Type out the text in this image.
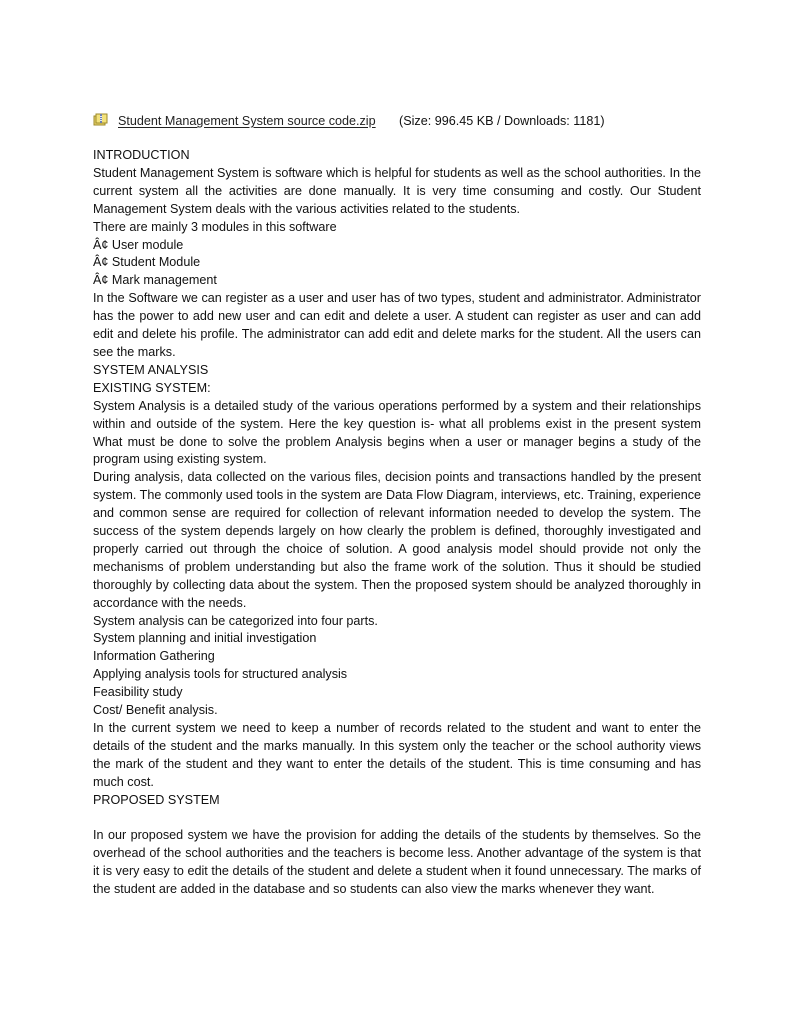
Student Management System source code.zip (Size: 996.45 KB / Downloads: 1181)

INTRODUCTION

Student Management System is software which is helpful for students as well as the school authorities. In the current system all the activities are done manually. It is very time consuming and costly. Our Student Management System deals with the various activities related to the students.

There are mainly 3 modules in this software

Â¢ User module

Â¢ Student Module

Â¢ Mark management

In the Software we can register as a user and user has of two types, student and administrator. Administrator has the power to add new user and can edit and delete a user. A student can register as user and can add edit and delete his profile. The administrator can add edit and delete marks for the student. All the users can see the marks.

SYSTEM ANALYSIS

EXISTING SYSTEM:

System Analysis is a detailed study of the various operations performed by a system and their relationships within and outside of the system. Here the key question is- what all problems exist in the present system What must be done to solve the problem Analysis begins when a user or manager begins a study of the program using existing system.

During analysis, data collected on the various files, decision points and transactions handled by the present system. The commonly used tools in the system are Data Flow Diagram, interviews, etc. Training, experience and common sense are required for collection of relevant information needed to develop the system. The success of the system depends largely on how clearly the problem is defined, thoroughly investigated and properly carried out through the choice of solution. A good analysis model should provide not only the mechanisms of problem understanding but also the frame work of the solution. Thus it should be studied thoroughly by collecting data about the system. Then the proposed system should be analyzed thoroughly in accordance with the needs.

System analysis can be categorized into four parts.

System planning and initial investigation

Information Gathering

Applying analysis tools for structured analysis

Feasibility study

Cost/ Benefit analysis.

In the current system we need to keep a number of records related to the student and want to enter the details of the student and the marks manually. In this system only the teacher or the school authority views the mark of the student and they want to enter the details of the student. This is time consuming and has much cost.

PROPOSED SYSTEM

In our proposed system we have the provision for adding the details of the students by themselves. So the overhead of the school authorities and the teachers is become less. Another advantage of the system is that it is very easy to edit the details of the student and delete a student when it found unnecessary. The marks of the student are added in the database and so students can also view the marks whenever they want.
